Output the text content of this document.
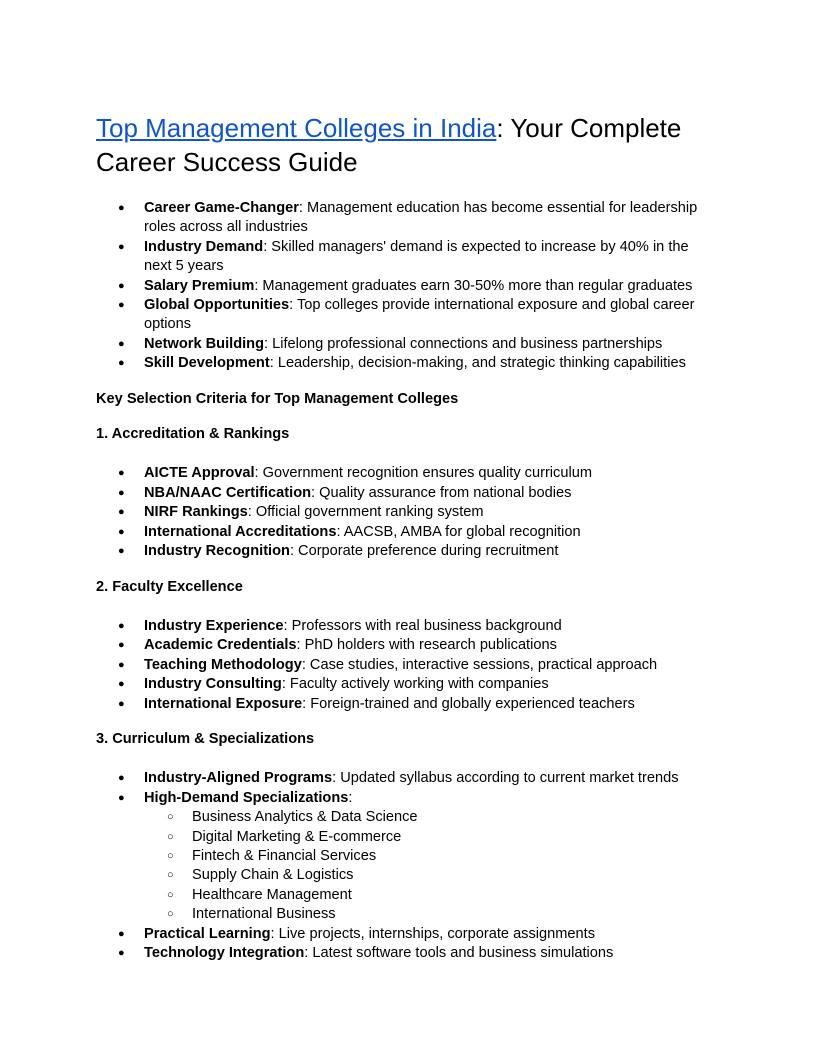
Top Management Colleges in India: Your Complete Career Success Guide
● Career Game-Changer: Management education has become essential for leadership roles across all industries
● Industry Demand: Skilled managers' demand is expected to increase by 40% in the next 5 years
● Salary Premium: Management graduates earn 30-50% more than regular graduates
● Global Opportunities: Top colleges provide international exposure and global career options
● Network Building: Lifelong professional connections and business partnerships
● Skill Development: Leadership, decision-making, and strategic thinking capabilities

Key Selection Criteria for Top Management Colleges

1. Accreditation & Rankings

● AICTE Approval: Government recognition ensures quality curriculum
● NBA/NAAC Certification: Quality assurance from national bodies
● NIRF Rankings: Official government ranking system
● International Accreditations: AACSB, AMBA for global recognition
● Industry Recognition: Corporate preference during recruitment

2. Faculty Excellence

● Industry Experience: Professors with real business background
● Academic Credentials: PhD holders with research publications
● Teaching Methodology: Case studies, interactive sessions, practical approach
● Industry Consulting: Faculty actively working with companies
● International Exposure: Foreign-trained and globally experienced teachers

3. Curriculum & Specializations

● Industry-Aligned Programs: Updated syllabus according to current market trends
● High-Demand Specializations:
○ Business Analytics & Data Science
○ Digital Marketing & E-commerce
○ Fintech & Financial Services
○ Supply Chain & Logistics
○ Healthcare Management
○ International Business
● Practical Learning: Live projects, internships, corporate assignments
● Technology Integration: Latest software tools and business simulations
